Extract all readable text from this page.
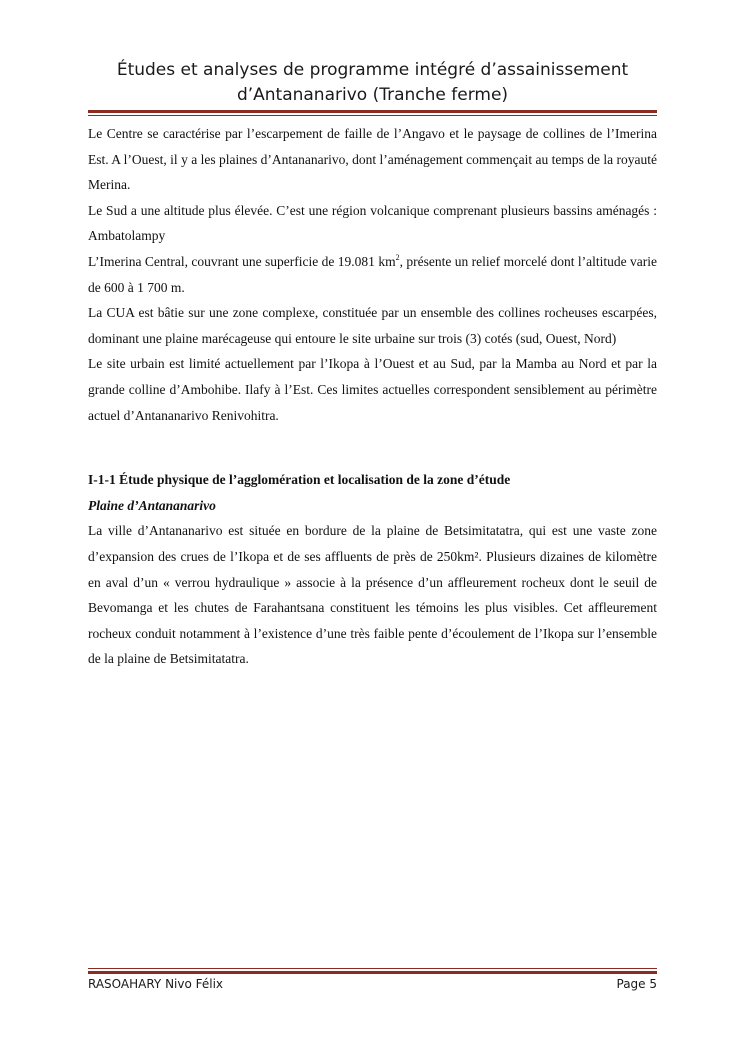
Études et analyses de programme intégré d’assainissement
d’Antananarivo (Tranche ferme)

Le Centre se caractérise par l’escarpement de faille de l’Angavo et le paysage de collines de l’Imerina Est. A l’Ouest, il y a les plaines d’Antananarivo, dont l’aménagement commençait au temps de la royauté Merina.

Le Sud a une altitude plus élevée. C’est une région volcanique comprenant plusieurs bassins aménagés : Ambatolampy

L’Imerina Central, couvrant une superficie de 19.081 $km^2$, présente un relief morcelé dont l’altitude varie de 600 à 1 700 m.

La CUA est bâtie sur une zone complexe, constituée par un ensemble des collines rocheuses escarpées, dominant une plaine marécageuse qui entoure le site urbaine sur trois (3) cotés (sud, Ouest, Nord)

Le site urbain est limité actuellement par l’Ikopa à l’Ouest et au Sud, par la Mamba au Nord et par la grande colline d’Ambohibe. Ilafy à l’Est. Ces limites actuelles correspondent sensiblement au périmètre actuel d’Antananarivo Renivohitra.

I-1-1 Étude physique de l’agglomération et localisation de la zone d’étude

Plaine d’Antananarivo

La ville d’Antananarivo est située en bordure de la plaine de Betsimitatatra, qui est une vaste zone d’expansion des crues de l’Ikopa et de ses affluents de près de 250km². Plusieurs dizaines de kilomètre en aval d’un « verrou hydraulique » associe à la présence d’un affleurement rocheux dont le seuil de Bevomanga et les chutes de Farahantsana constituent les témoins les plus visibles. Cet affleurement rocheux conduit notamment à l’existence d’une très faible pente d’écoulement de l’Ikopa sur l’ensemble de la plaine de Betsimitatatra.

RASOAHARY Nivo Félix	Page 5
